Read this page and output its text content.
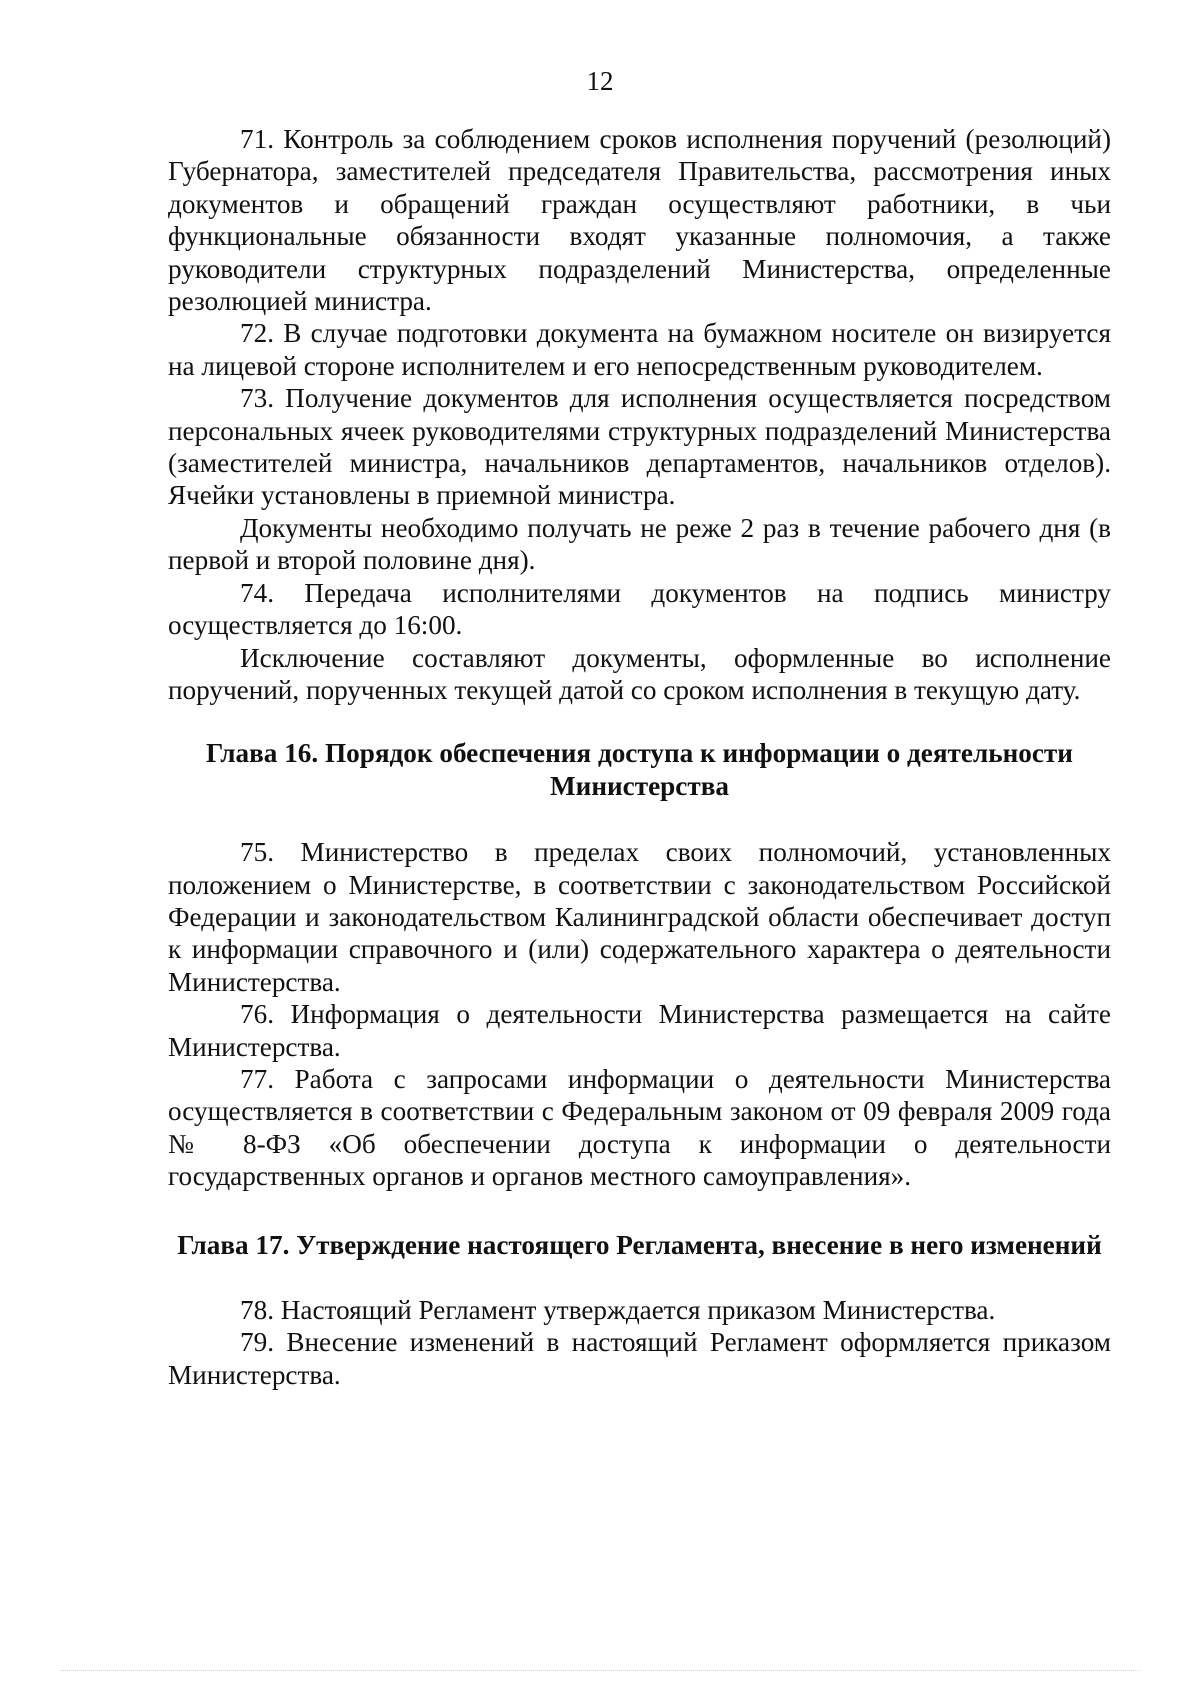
12

71. Контроль за соблюдением сроков исполнения поручений (резолюций) Губернатора, заместителей председателя Правительства, рассмотрения иных документов и обращений граждан осуществляют работники, в чьи функциональные обязанности входят указанные полномочия, а также руководители структурных подразделений Министерства, определенные резолюцией министра.

72. В случае подготовки документа на бумажном носителе он визируется на лицевой стороне исполнителем и его непосредственным руководителем.

73. Получение документов для исполнения осуществляется посредством персональных ячеек руководителями структурных подразделений Министерства (заместителей министра, начальников департаментов, начальников отделов). Ячейки установлены в приемной министра.

Документы необходимо получать не реже 2 раз в течение рабочего дня (в первой и второй половине дня).

74. Передача исполнителями документов на подпись министру осуществляется до 16:00.

Исключение составляют документы, оформленные во исполнение поручений, порученных текущей датой со сроком исполнения в текущую дату.

Глава 16. Порядок обеспечения доступа к информации о деятельности Министерства

75. Министерство в пределах своих полномочий, установленных положением о Министерстве, в соответствии с законодательством Российской Федерации и законодательством Калининградской области обеспечивает доступ к информации справочного и (или) содержательного характера о деятельности Министерства.

76. Информация о деятельности Министерства размещается на сайте Министерства.

77. Работа с запросами информации о деятельности Министерства осуществляется в соответствии с Федеральным законом от 09 февраля 2009 года № 8-ФЗ «Об обеспечении доступа к информации о деятельности государственных органов и органов местного самоуправления».

Глава 17. Утверждение настоящего Регламента, внесение в него изменений

78. Настоящий Регламент утверждается приказом Министерства.

79. Внесение изменений в настоящий Регламент оформляется приказом Министерства.
